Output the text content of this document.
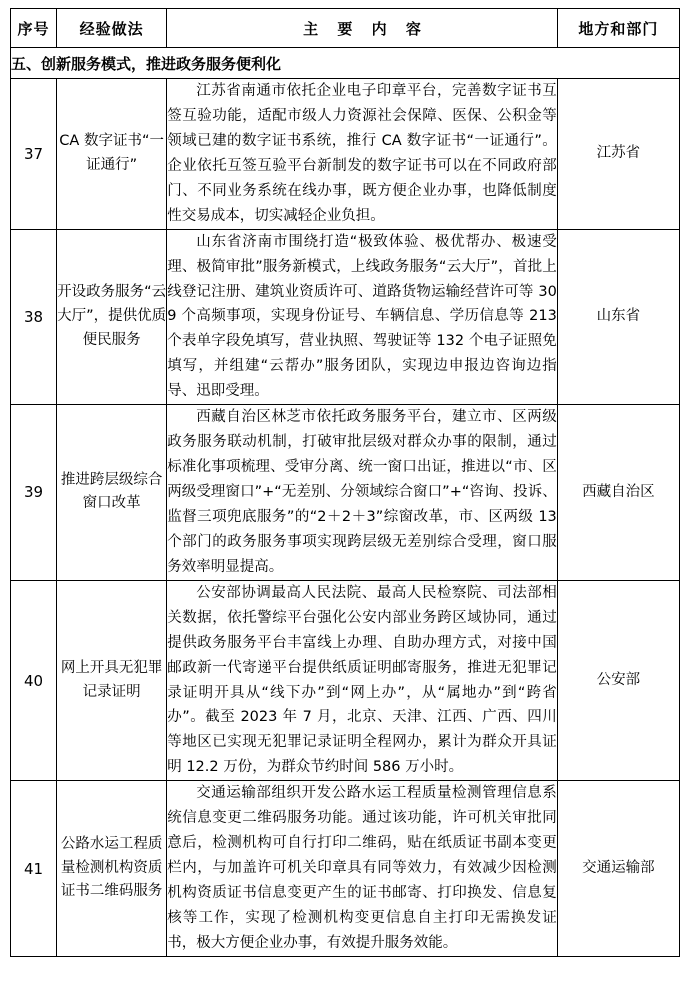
序号	经验做法	主 要 内 容	地方和部门
五、创新服务模式，推进政务服务便利化			
37	CA 数字证书“一证通行”	江苏省南通市依托企业电子印章平台，完善数字证书互签互验功能，适配市级人力资源社会保障、医保、公积金等领域已建的数字证书系统，推行 CA 数字证书“一证通行”。企业依托互签互验平台新制发的数字证书可以在不同政府部门、不同业务系统在线办事，既方便企业办事，也降低制度性交易成本，切实减轻企业负担。	江苏省
38	开设政务服务“云大厅”，提供优质便民服务	山东省济南市围绕打造“极致体验、极优帮办、极速受理、极简审批”服务新模式，上线政务服务“云大厅”，首批上线登记注册、建筑业资质许可、道路货物运输经营许可等 309 个高频事项，实现身份证号、车辆信息、学历信息等 213 个表单字段免填写，营业执照、驾驶证等 132 个电子证照免填写，并组建“云帮办”服务团队，实现边申报边咨询边指导、迅即受理。	山东省
39	推进跨层级综合窗口改革	西藏自治区林芝市依托政务服务平台，建立市、区两级政务服务联动机制，打破审批层级对群众办事的限制，通过标准化事项梳理、受审分离、统一窗口出证，推进以“市、区两级受理窗口”+“无差别、分领域综合窗口”+“咨询、投诉、监督三项兜底服务”的“2＋2＋3”综窗改革，市、区两级 13 个部门的政务服务事项实现跨层级无差别综合受理，窗口服务效率明显提高。	西藏自治区
40	网上开具无犯罪记录证明	公安部协调最高人民法院、最高人民检察院、司法部相关数据，依托警综平台强化公安内部业务跨区域协同，通过提供政务服务平台丰富线上办理、自助办理方式，对接中国邮政新一代寄递平台提供纸质证明邮寄服务，推进无犯罪记录证明开具从“线下办”到“网上办”，从“属地办”到“跨省办”。截至 2023 年 7 月，北京、天津、江西、广西、四川等地区已实现无犯罪记录证明全程网办，累计为群众开具证明 12.2 万份，为群众节约时间 586 万小时。	公安部
41	公路水运工程质量检测机构资质证书二维码服务	交通运输部组织开发公路水运工程质量检测管理信息系统信息变更二维码服务功能。通过该功能，许可机关审批同意后，检测机构可自行打印二维码，贴在纸质证书副本变更栏内，与加盖许可机关印章具有同等效力，有效减少因检测机构资质证书信息变更产生的证书邮寄、打印换发、信息复核等工作，实现了检测机构变更信息自主打印无需换发证书，极大方便企业办事，有效提升服务效能。	交通运输部
